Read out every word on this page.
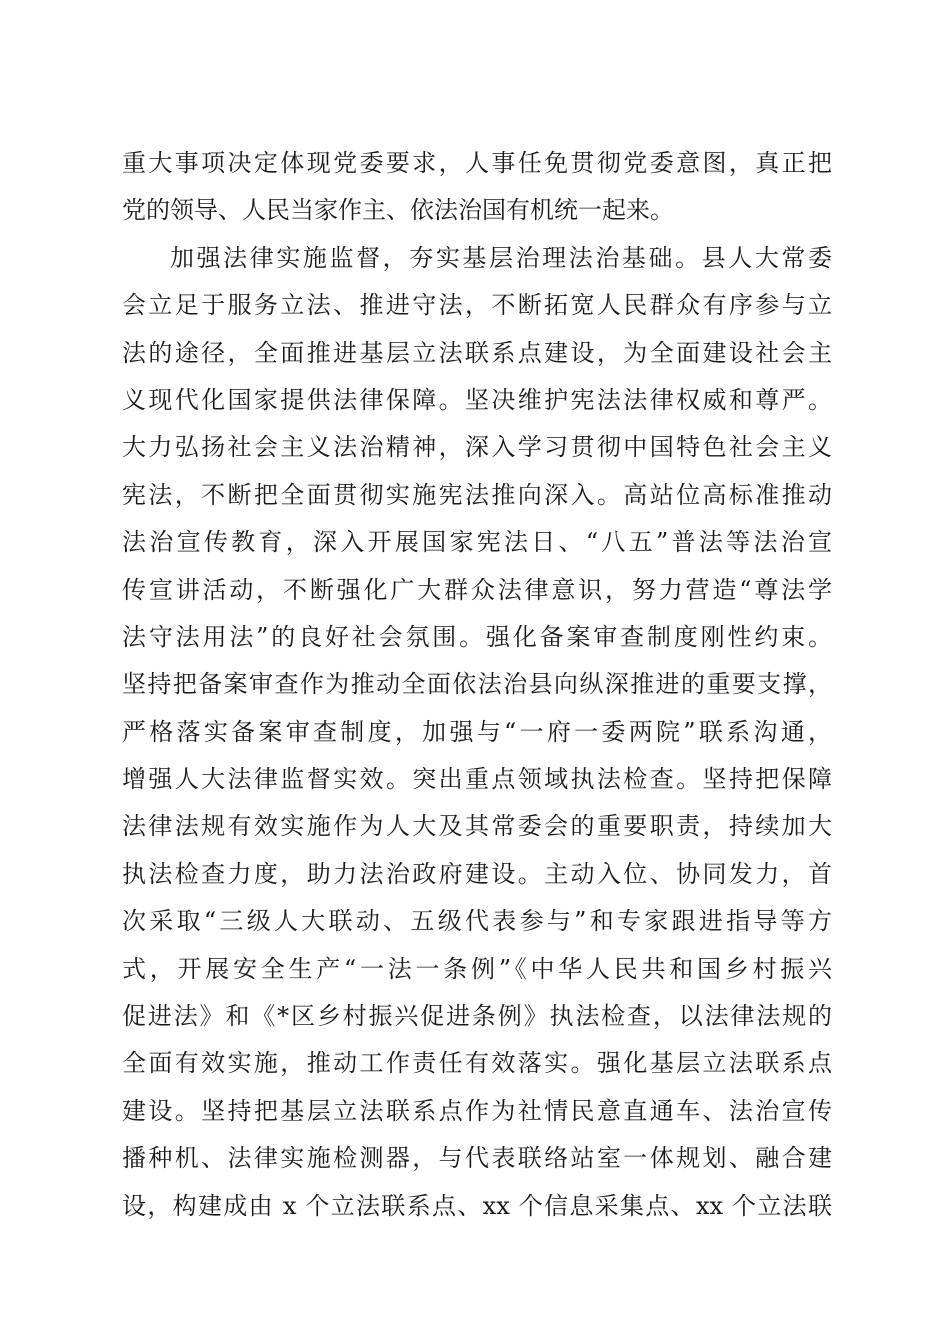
重大事项决定体现党委要求，人事任免贯彻党委意图，真正把
党的领导、人民当家作主、依法治国有机统一起来。
加强法律实施监督，夯实基层治理法治基础。县人大常委
会立足于服务立法、推进守法，不断拓宽人民群众有序参与立
法的途径，全面推进基层立法联系点建设，为全面建设社会主
义现代化国家提供法律保障。坚决维护宪法法律权威和尊严。
大力弘扬社会主义法治精神，深入学习贯彻中国特色社会主义
宪法，不断把全面贯彻实施宪法推向深入。高站位高标准推动
法治宣传教育，深入开展国家宪法日、“八五”普法等法治宣
传宣讲活动，不断强化广大群众法律意识，努力营造“尊法学
法守法用法”的良好社会氛围。强化备案审查制度刚性约束。
坚持把备案审查作为推动全面依法治县向纵深推进的重要支撑，
严格落实备案审查制度，加强与“一府一委两院”联系沟通，
增强人大法律监督实效。突出重点领域执法检查。坚持把保障
法律法规有效实施作为人大及其常委会的重要职责，持续加大
执法检查力度，助力法治政府建设。主动入位、协同发力，首
次采取“三级人大联动、五级代表参与”和专家跟进指导等方
式，开展安全生产“一法一条例”《中华人民共和国乡村振兴
促进法》和《*区乡村振兴促进条例》执法检查，以法律法规的
全面有效实施，推动工作责任有效落实。强化基层立法联系点
建设。坚持把基层立法联系点作为社情民意直通车、法治宣传
播种机、法律实施检测器，与代表联络站室一体规划、融合建
设，构建成由 x 个立法联系点、xx 个信息采集点、xx 个立法联
